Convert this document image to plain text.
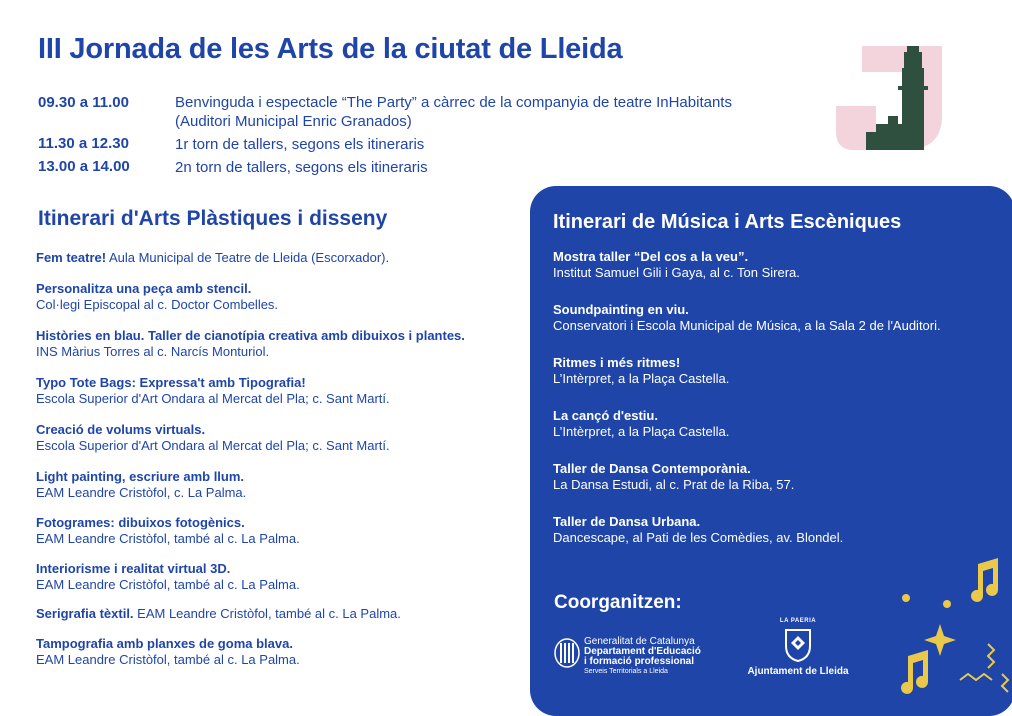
III Jornada de les Arts de la ciutat de Lleida
09.30 a 11.00	Benvinguda i espectacle “The Party” a càrrec de la companyia de teatre InHabitants
(Auditori Municipal Enric Granados)
11.30 a 12.30	1r torn de tallers, segons els itineraris
13.00 a 14.00	2n torn de tallers, segons els itineraris
Itinerari d'Arts Plàstiques i disseny
Fem teatre! Aula Municipal de Teatre de Lleida (Escorxador).
Personalitza una peça amb stencil.
Col·legi Episcopal al c. Doctor Combelles.
Històries en blau. Taller de cianotípia creativa amb dibuixos i plantes.
INS Màrius Torres al c. Narcís Monturiol.
Typo Tote Bags: Expressa't amb Tipografia!
Escola Superior d'Art Ondara al Mercat del Pla; c. Sant Martí.
Creació de volums virtuals.
Escola Superior d'Art Ondara al Mercat del Pla; c. Sant Martí.
Light painting, escriure amb llum.
EAM Leandre Cristòfol, c. La Palma.
Fotogrames: dibuixos fotogènics.
EAM Leandre Cristòfol, també al c. La Palma.
Interiorisme i realitat virtual 3D.
EAM Leandre Cristòfol, també al c. La Palma.
Serigrafia tèxtil. EAM Leandre Cristòfol, també al c. La Palma.
Tampografia amb planxes de goma blava.
EAM Leandre Cristòfol, també al c. La Palma.
Itinerari de Música i Arts Escèniques
Mostra taller “Del cos a la veu”.
Institut Samuel Gili i Gaya, al c. Ton Sirera.
Soundpainting en viu.
Conservatori i Escola Municipal de Música, a la Sala 2 de l'Auditori.
Ritmes i més ritmes!
L’Intèrpret, a la Plaça Castella.
La cançó d'estiu.
L’Intèrpret, a la Plaça Castella.
Taller de Dansa Contemporània.
La Dansa Estudi, al c. Prat de la Riba, 57.
Taller de Dansa Urbana.
Dancescape, al Pati de les Comèdies, av. Blondel.
Coorganitzen:
Generalitat de Catalunya
Departament d'Educació
i formació professional
Serveis Territorials a Lleida
LA PAERIA
Ajuntament de Lleida
